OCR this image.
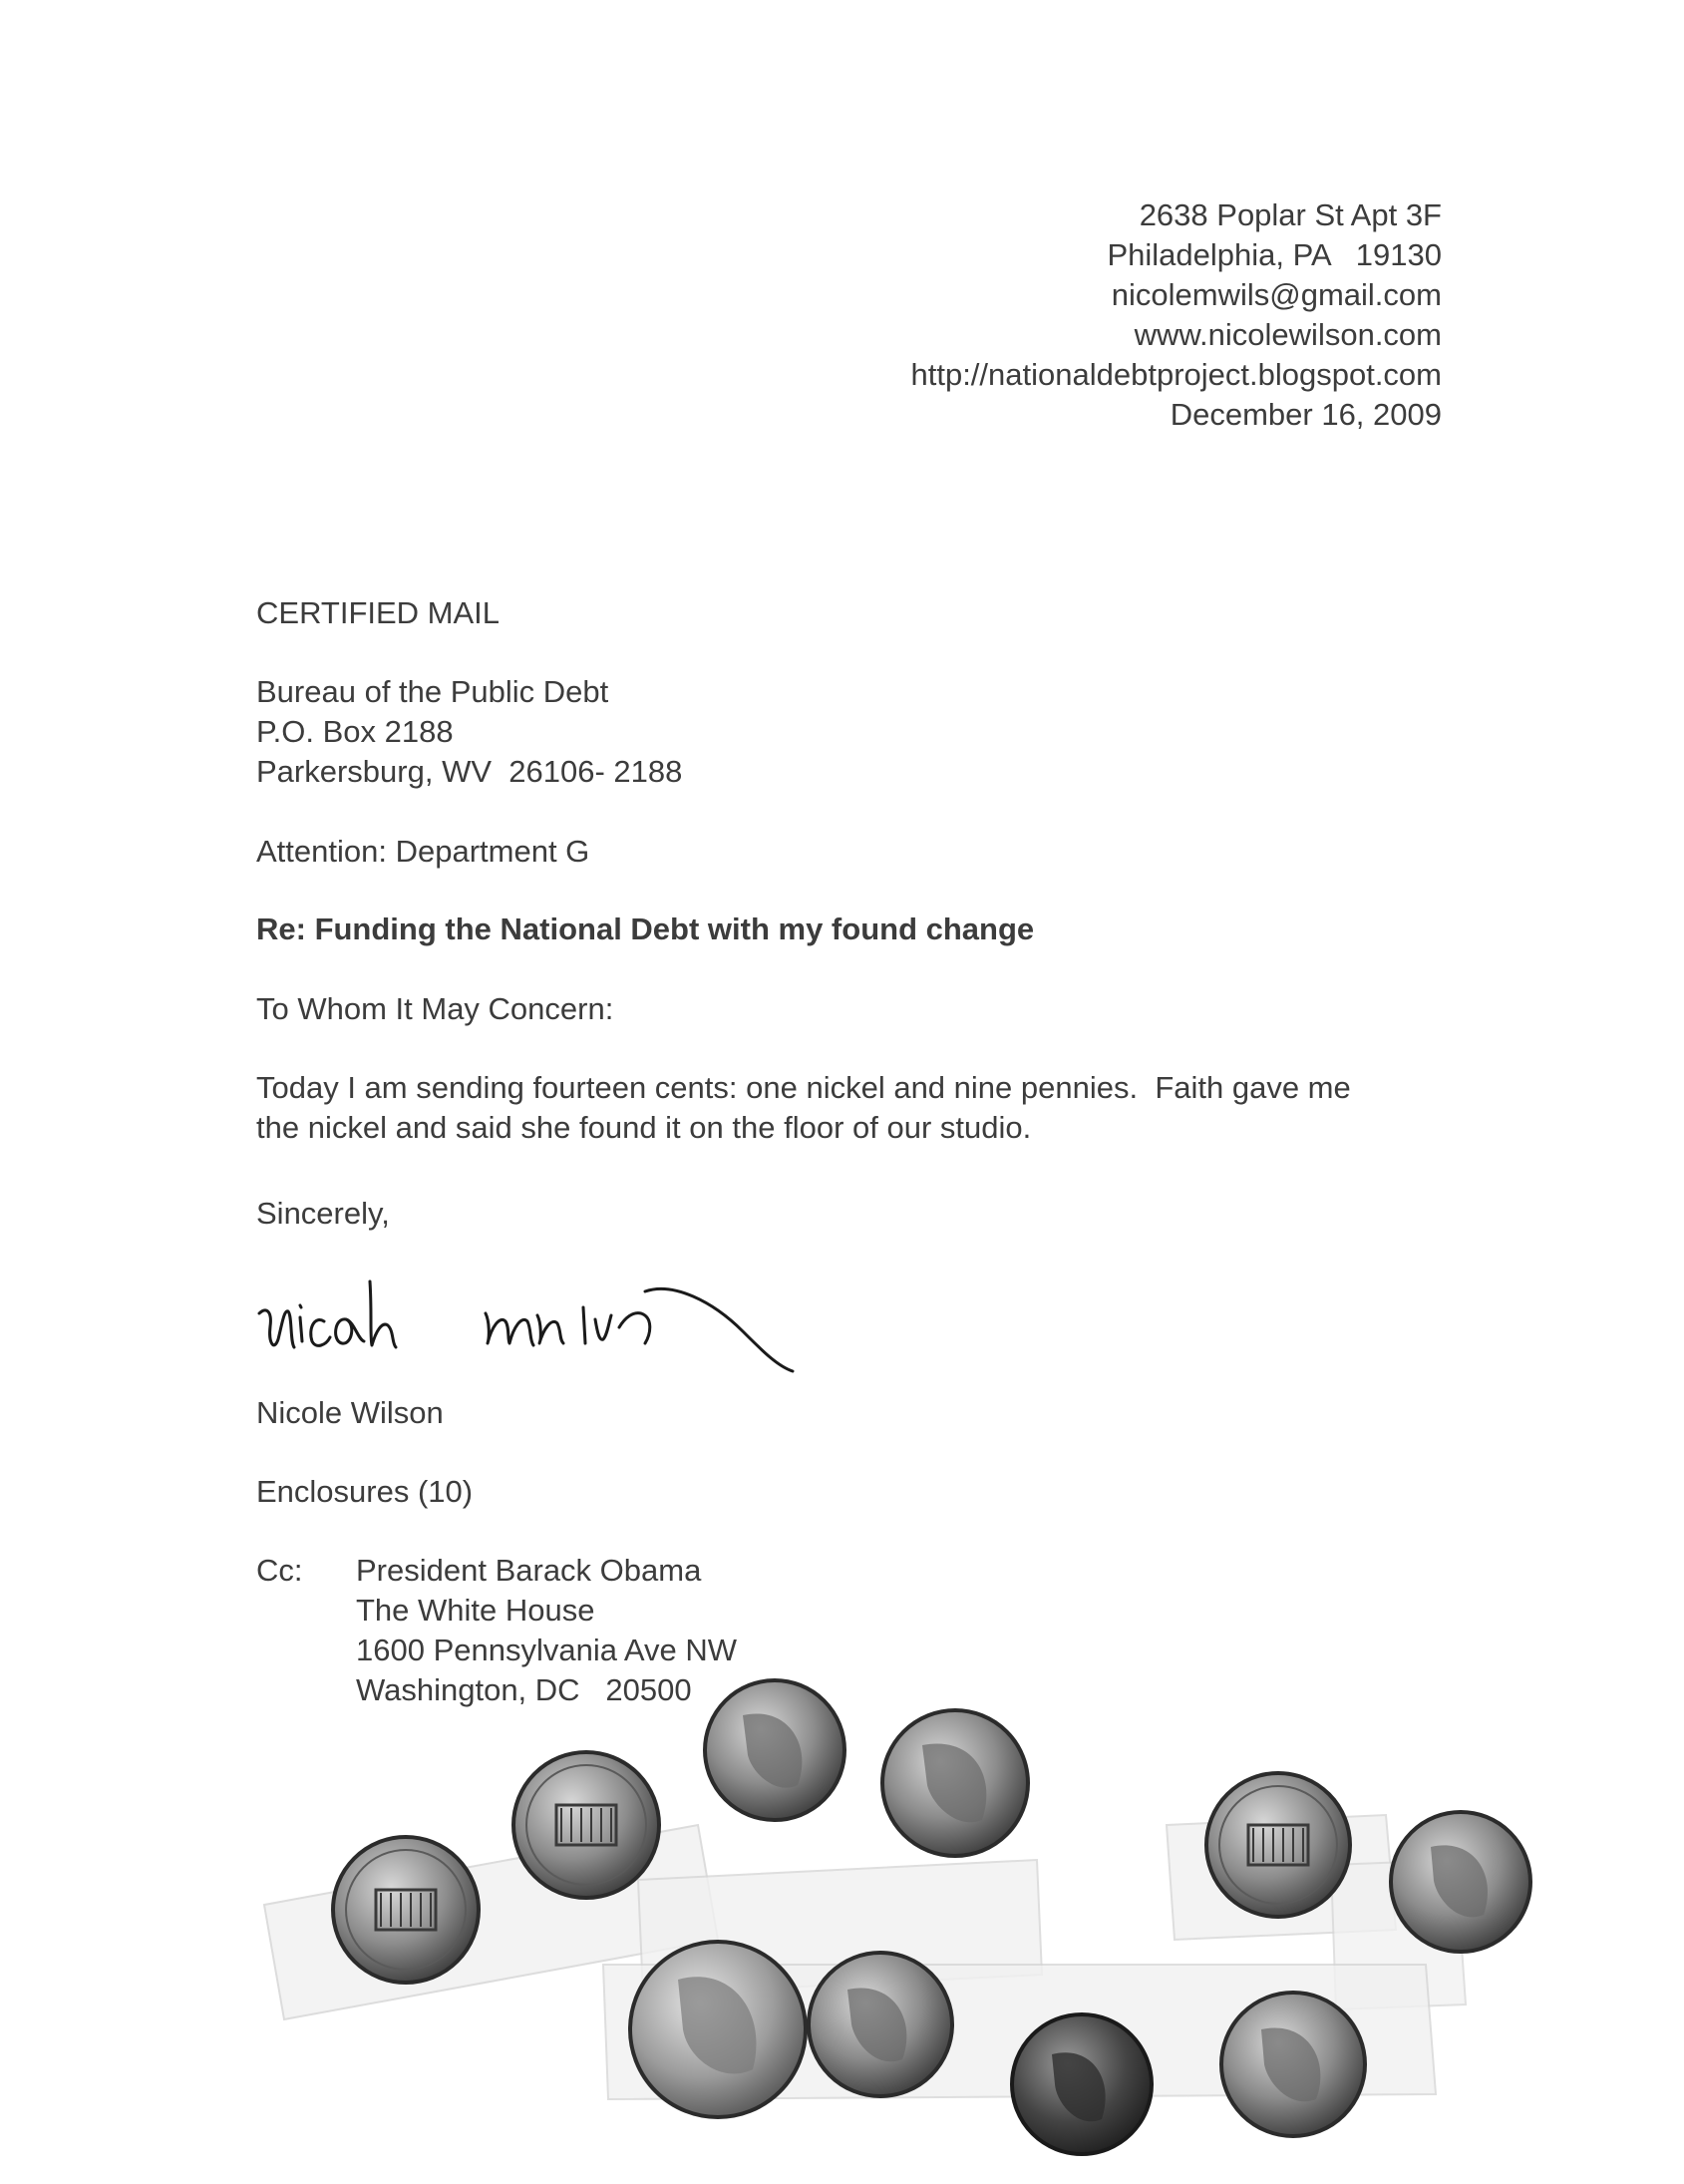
2638 Poplar St Apt 3F
Philadelphia, PA   19130
nicolemwils@gmail.com
www.nicolewilson.com
http://nationaldebtproject.blogspot.com
December 16, 2009
CERTIFIED MAIL
Bureau of the Public Debt
P.O. Box 2188
Parkersburg, WV  26106- 2188
Attention: Department G
Re: Funding the National Debt with my found change
To Whom It May Concern:
Today I am sending fourteen cents: one nickel and nine pennies.  Faith gave me
the nickel and said she found it on the floor of our studio.
Sincerely,
Nicole Wilson
Enclosures (10)
Cc: President Barack Obama
The White House
1600 Pennsylvania Ave NW
Washington, DC   20500
